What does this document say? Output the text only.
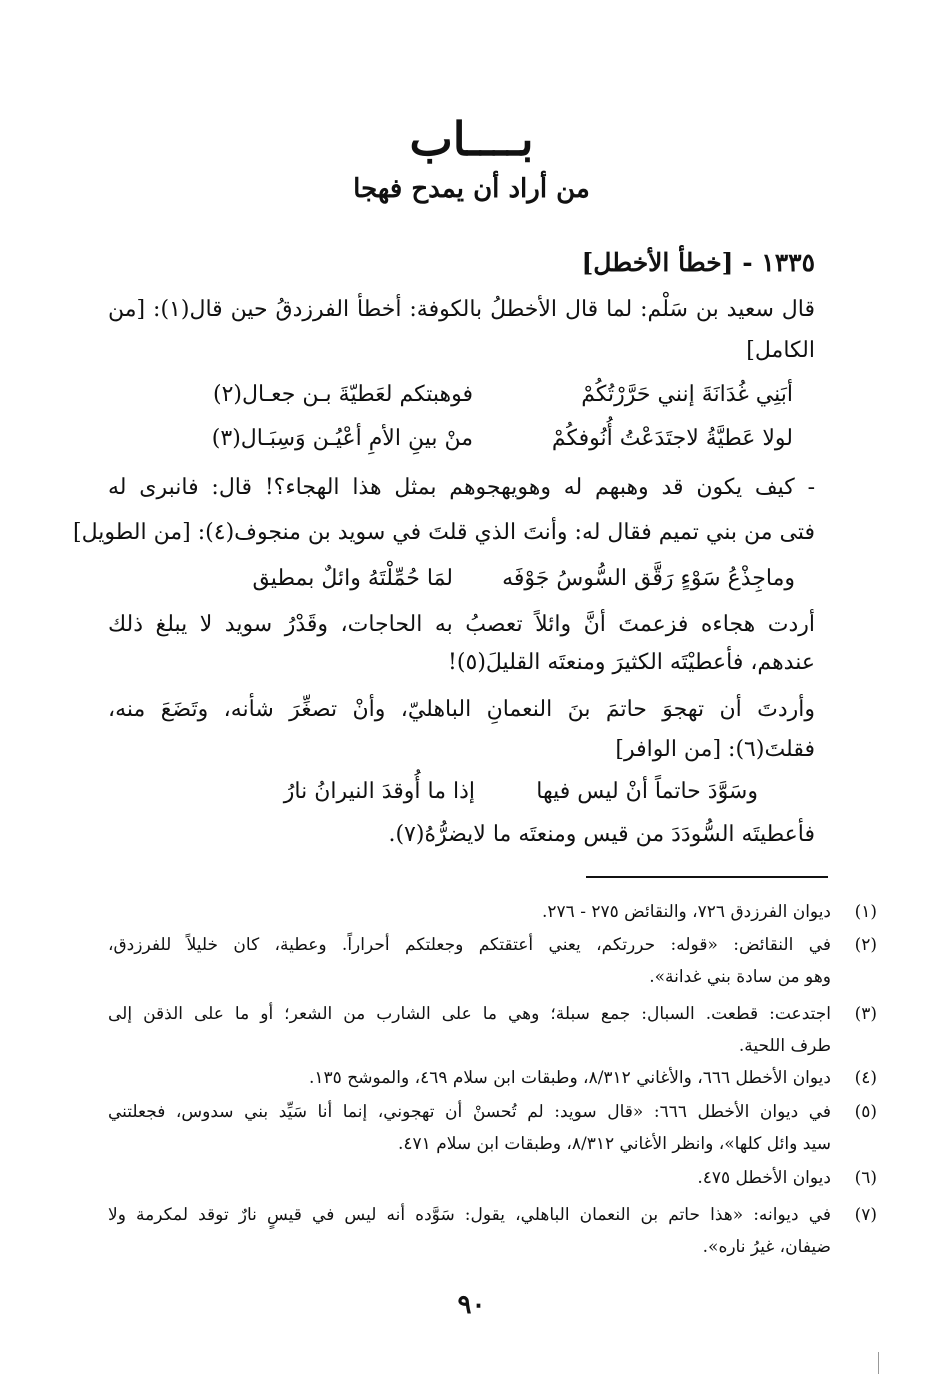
بــــاب
من أراد أن يمدح فهجا
١٣٣٥ - [خطأ الأخطل]
قال سعيد بن سَلْم: لما قال الأخطلُ بالكوفة: أخطأ الفرزدقُ حين قال(١): [من
الكامل]
أبَنِي غُدَانَةَ إنني حَرَّرْتُكُمْ
فوهبتكم لعَطيّةَ بـن جعـال(٢)
لولا عَطيَّةُ لاجتَدَعْتُ أُنُوفكُمْ
منْ بينِ الأمِ أعْيُـن وَسِبَـال(٣)
- كيف يكون قد وهبهم له وهويهجوهم بمثل هذا الهجاء؟! قال: فانبرى له
فتى من بني تميم فقال له: وأنتَ الذي قلتَ في سويد بن منجوف(٤): [من الطويل]
وماجِذْعُ سَوْءٍ رَقَّق السُّوسُ جَوْفَه
لمَا حُمِّلْتَهُ وائلٌ بمطيق
أردت هجاءه فزعمتَ أنَّ وائلاً تعصبُ به الحاجات، وقَدْرُ سويد لا يبلغ ذلك
عندهم، فأعطيْتَه الكثيرَ ومنعتَه القليلَ(٥)!
وأردتَ أن تهجوَ حاتمَ بنَ النعمانِ الباهليّ، وأنْ تصغِّرَ شأنه، وتَضَعَ منه،
فقلتَ(٦): [من الوافر]
وسَوَّدَ حاتماً أنْ ليس فيها
إذا ما أُوقدَ النيرانُ نارُ
فأعطيتَه السُّودَدَ من قيس ومنعتَه ما لايضرُّهُ(٧).
(١)ديوان الفرزدق ٧٢٦، والنقائض ٢٧٥ - ٢٧٦.
(٢)
في النقائض: «قوله: حررتكم، يعني أعتقتكم وجعلتكم أحراراً. وعطية، كان خليلاً للفرزدق،
وهو من سادة بني غدانة».
(٣)
اجتدعت: قطعت. السبال: جمع سبلة؛ وهي ما على الشارب من الشعر؛ أو ما على الذقن إلى
طرف اللحية.
(٤)ديوان الأخطل ٦٦٦، والأغاني ٨/٣١٢، وطبقات ابن سلام ٤٦٩، والموشح ١٣٥.
(٥)
في ديوان الأخطل ٦٦٦: «قال سويد: لم تُحسنْ أن تهجوني، إنما أنا سَيِّد بني سدوس، فجعلتني
سيد وائل كلها»، وانظر الأغاني ٨/٣١٢، وطبقات ابن سلام ٤٧١.
(٦)ديوان الأخطل ٤٧٥.
(٧)
في ديوانه: «هذا حاتم بن النعمان الباهلي، يقول: سَوَّده أنه ليس في قيسٍ نارٌ توقد لمكرمة ولا
ضيفان، غيرُ ناره».
٩٠
